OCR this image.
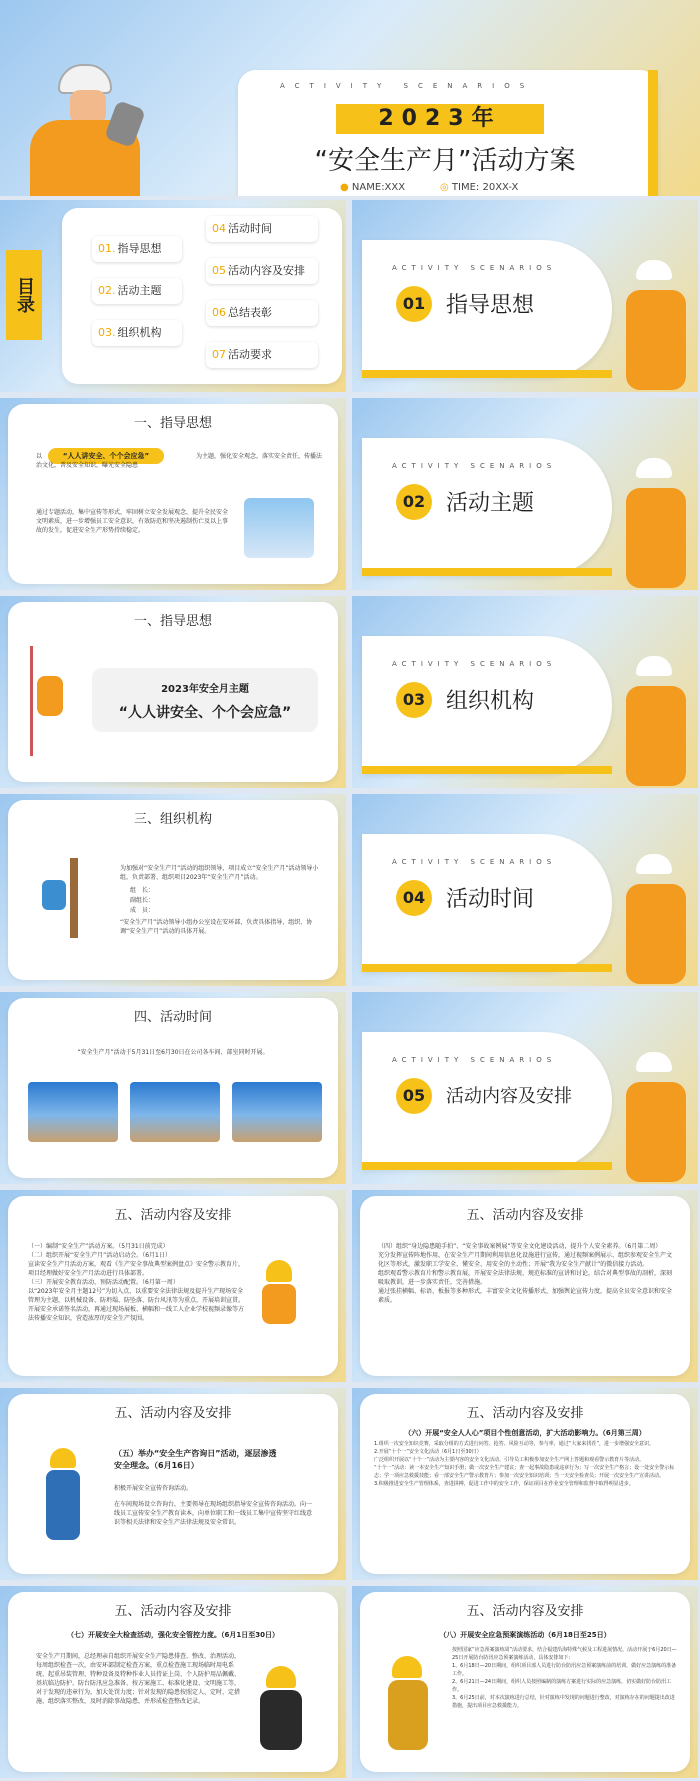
ACTIVITY SCENARIOS
2023年
“安全生产月”活动方案
● NAME:XXX	◎ TIME: 20XX-X
目录
01. 指导思想
02. 活动主题
03. 组织机构
04 活动时间
05 活动内容及安排
06 总结表彰
07 活动要求
ACTIVITY SCENARIOS
01 指导思想
ACTIVITY SCENARIOS
02 活动主题
ACTIVITY SCENARIOS
03 组织机构
ACTIVITY SCENARIOS
04 活动时间
ACTIVITY SCENARIOS
05	活动内容及安排
一、指导思想
以	“人人讲安全、个个会应急”	为主题，强化安全观念，落实安全责任，传播法治文化，普及安全知识，曝光安全隐患
通过专题活动，集中宣传等形式，牢固树立安全发展观念，提升全民安全文明素质，进一步增强员工安全意识，有效防范和坚决遏制伤亡及以上事故的发生，促进安全生产形势持续稳定。
一、指导思想
2023年安全月主题
“人人讲安全、个个会应急”
三、组织机构
为加强对“安全生产月”活动的组织领导，项目成立“安全生产月”活动领导小组，负责部署、组织项目2023年“安全生产月”活动。
组　长：
副组长：
成　员：
“安全生产月”活动领导小组办公室设在安环部，负责具体指导、组织、协调“安全生产月”活动的具体开展。
四、活动时间
“安全生产月”活动于5月31日至6月30日在公司各车间、部室同时开展。
五、活动内容及安排
（一）编制“安全生产”活动方案。（5月31日前完成）
（二）组织开展“安全生产月”活动启动会。（6月1日）
宣读安全生产月活动方案，观看《生产安全事故典型案例盘点》安全警示教育片，项目经理做好安全生产月活动进行具体部署。
（三）开展安全教育活动、预防活动配置。（6月第一周）
以“2023年安全月主题12号”为切入点，以重要安全法律法规及提升生产现场安全管理为主题，以机械设备、防坍塌、防坠落、防台风汛等为重点，开展培训宣贯。开展安全承诺签名活动，再通过现场展板、横幅和一线工人企业学校视频录像等方法传播安全知识，营造浓厚的安全生产氛围。
五、活动内容及安排
（四）组织“身边隐患随手拍”、“安全事故案例展”等安全文化建设活动，提升个人安全素养。（6月第二周）
充分发挥宣传阵地作用，在安全生产月期间利用信息化设施进行宣传，通过视频案例展示、组织参观安全生产文化区等形式，激发职工学安全、懂安全、用安全的主动性；开展“我为安全生产献计”的微信接力活动。
组织观看警示教育片和警示教育展，开展安全法律法规、规范标准的宣讲和讨论，结合对典型事故的剖析，深刻吸取教训，进一步落实责任，完善措施。
通过张挂横幅、标语、板报等多种形式，丰富安全文化传播形式，加强舆论宣传力度，提高全员安全意识和安全素质。
五、活动内容及安排
（五）举办“安全生产咨询日”活动，逐层渗透安全理念。（6月16日）
积极开展安全宣传咨询活动。
在车间现场设立咨询台，主要领导在现场组织指导安全宣传咨询活动。向一线员工宣传安全生产教育读本，向单位职工和一线员工集中宣传坚守红线意识等相关法律和安全生产法律法规及安全常识。
五、活动内容及安排
（六）开展“安全人人心”项目个性创意活动，扩大活动影响力。（6月第三周）
1.组织一次安全知识竞赛，采取分组的方式进行问答、抢答、风险互动等，参与率，通过“大家来找茬”，进一步增强安全意识。
2.开展“十个一”安全文化活动（6月1日至30日）
广泛组织开展以“十个一”活动为主要内容的安全文化活动，引导员工积极参加安全生产网上答题和观看警示教育片等活动。
“十个一”活动：读一本安全生产知识手册；做一次安全生产建议；查一起事故隐患或违章行为；写一次安全生产格言；设一处安全警示标志；学一项应急救援技能；看一部安全生产警示教育片；参加一次安全知识培训；当一天安全检查员；开展一次安全生产宣讲活动。
3.积极推进安全生产管理体系，查进拼搏，促进工作中的安全工作，保证项目在作业安全管理和监督中取得明显进步。
五、活动内容及安排
（七）开展安全大检查活动，强化安全管控力度。（6月1日至30日）
安全生产月期间，总经理亲自组织开展安全生产隐患排查、整改、治理活动，每周组织检查一次，由安环部制定检查方案，重点检查施工现场临时用电系统、起重吊装管理、特种设备及特种作业人员持证上岗、个人防护用品佩戴、基坑临边防护、防台防汛应急准备、按方案施工、标准化建设、文明施工等，对于发现的违章行为，加大处罚力度；针对发现的隐患按照定人、定时、定措施、组织落实整改，及时消除事故隐患，并形成检查整改记录。
五、活动内容及安排
（八）开展安全应急预案演练活动（6月18日至25日）
按照国家“应急预案演练周”活动要求，结合福建沿海特殊气候及工程进展情况，活动开展于6月20日—25日开展防台防汛应急预案演练活动，具体安排如下：
1、6月18日—20日期间，组织项目部人员进行防台防汛应急预案演练前的培训，做好应急演练的准备工作。
2、6月21日—24日期间，组织人员按照编制的演练方案进行实际的应急演练，切实做好防台防汛工作。
3、6月25日前，对本次演练进行总结，针对演练中发现的问题进行整改，对演练存在的问题提出改进措施，提出项目应急救援能力。
